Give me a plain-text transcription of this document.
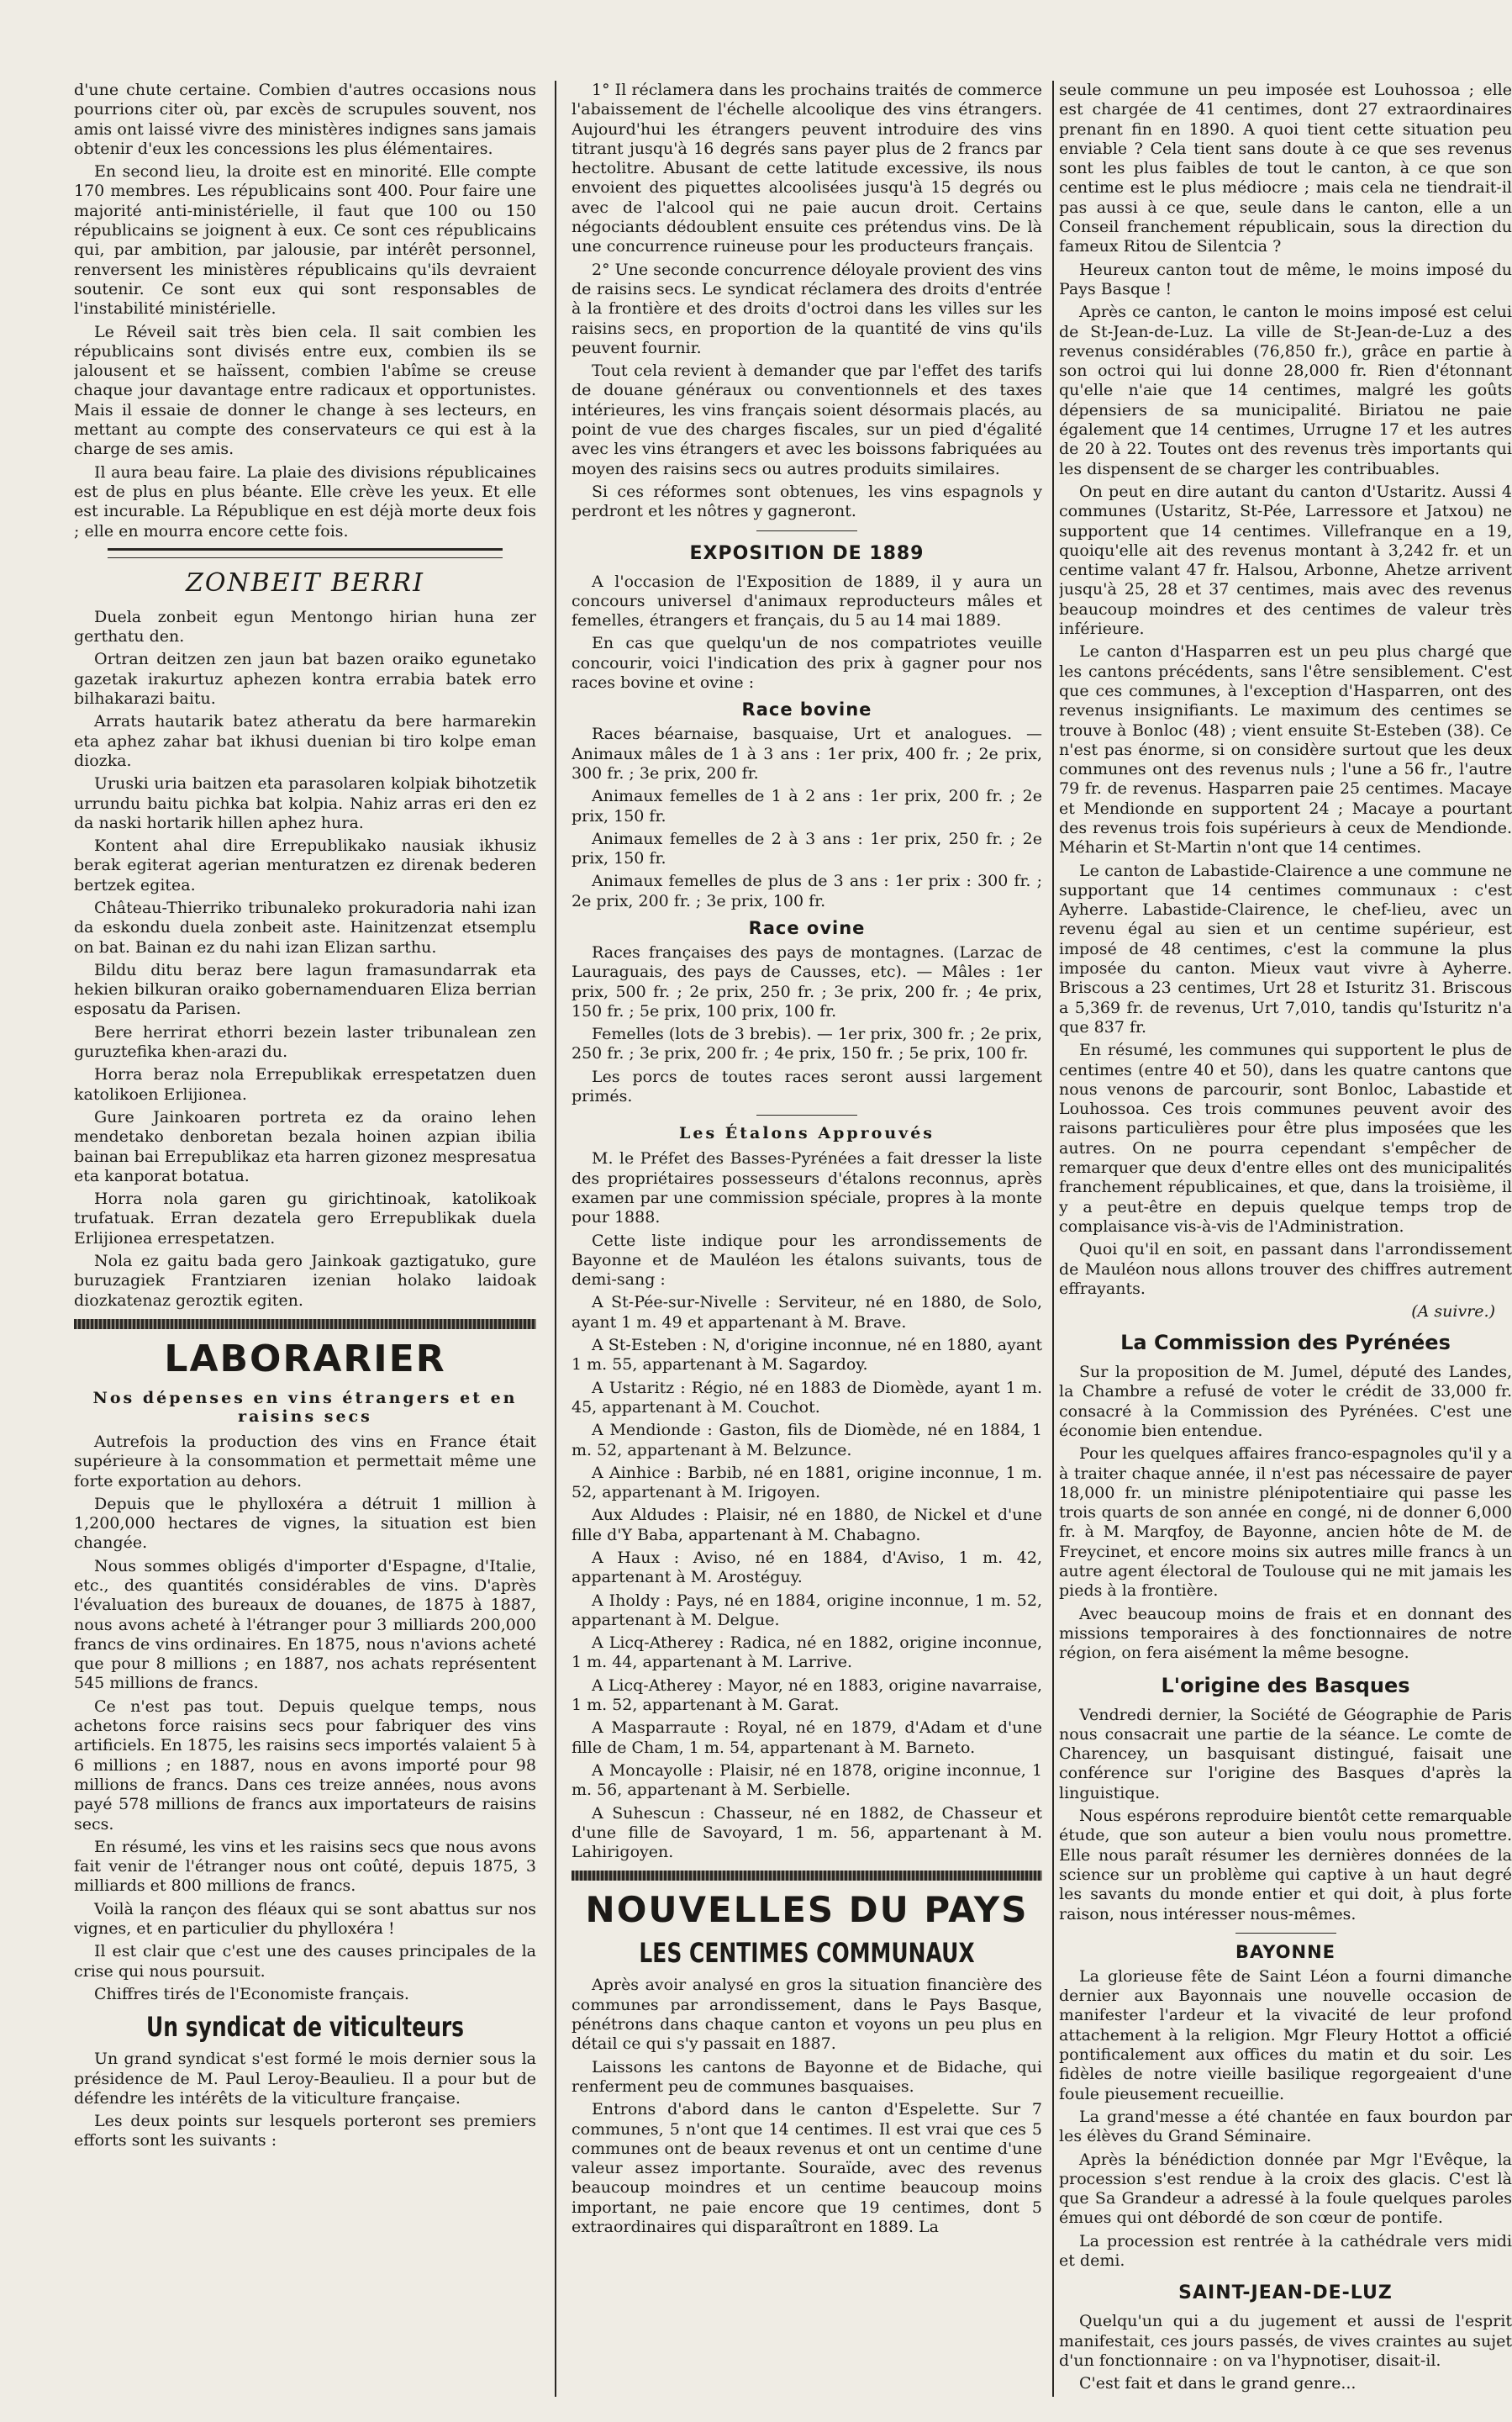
d'une chute certaine. Combien d'autres occasions nous pourrions citer où, par excès de scrupules souvent, nos amis ont laissé vivre des ministères indignes sans jamais obtenir d'eux les concessions les plus élémentaires.

En second lieu, la droite est en minorité. Elle compte 170 membres. Les républicains sont 400. Pour faire une majorité anti-ministérielle, il faut que 100 ou 150 républicains se joignent à eux. Ce sont ces républicains qui, par ambition, par jalousie, par intérêt personnel, renversent les ministères républicains qu'ils devraient soutenir. Ce sont eux qui sont responsables de l'instabilité ministérielle.

Le Réveil sait très bien cela. Il sait combien les républicains sont divisés entre eux, combien ils se jalousent et se haïssent, combien l'abîme se creuse chaque jour davantage entre radicaux et opportunistes. Mais il essaie de donner le change à ses lecteurs, en mettant au compte des conservateurs ce qui est à la charge de ses amis.

Il aura beau faire. La plaie des divisions républicaines est de plus en plus béante. Elle crève les yeux. Et elle est incurable. La République en est déjà morte deux fois ; elle en mourra encore cette fois.

ZONBEIT BERRI

Duela zonbeit egun Mentongo hirian huna zer gerthatu den.

Ortran deitzen zen jaun bat bazen oraiko egunetako gazetak irakurtuz aphezen kontra errabia batek erro bilhakarazi baitu.

Arrats hautarik batez atheratu da bere harmarekin eta aphez zahar bat ikhusi duenian bi tiro kolpe eman diozka.

Uruski uria baitzen eta parasolaren kolpiak bihotzetik urrundu baitu pichka bat kolpia. Nahiz arras eri den ez da naski hortarik hillen aphez hura.

Kontent ahal dire Errepublikako nausiak ikhusiz berak egiterat agerian menturatzen ez direnak bederen bertzek egitea.

Château-Thierriko tribunaleko prokuradoria nahi izan da eskondu duela zonbeit aste. Hainitzenzat etsemplu on bat. Bainan ez du nahi izan Elizan sarthu.

Bildu ditu beraz bere lagun framasundarrak eta hekien bilkuran oraiko gobernamenduaren Eliza berrian esposatu da Parisen.

Bere herrirat ethorri bezein laster tribunalean zen guruztefika khen-arazi du.

Horra beraz nola Errepublikak errespetatzen duen katolikoen Erlijionea.

Gure Jainkoaren portreta ez da oraino lehen mendetako denboretan bezala hoinen azpian ibilia bainan bai Errepublikaz eta harren gizonez mespresatua eta kanporat botatua.

Horra nola garen gu girichtinoak, katolikoak trufatuak. Erran dezatela gero Errepublikak duela Erlijionea errespetatzen.

Nola ez gaitu bada gero Jainkoak gaztigatuko, gure buruzagiek Frantziaren izenian holako laidoak diozkatenaz geroztik egiten.

LABORARIER
Nos dépenses en vins étrangers et en raisins secs

Autrefois la production des vins en France était supérieure à la consommation et permettait même une forte exportation au dehors.

Depuis que le phylloxéra a détruit 1 million à 1,200,000 hectares de vignes, la situation est bien changée.

Nous sommes obligés d'importer d'Espagne, d'Italie, etc., des quantités considérables de vins. D'après l'évaluation des bureaux de douanes, de 1875 à 1887, nous avons acheté à l'étranger pour 3 milliards 200,000 francs de vins ordinaires. En 1875, nous n'avions acheté que pour 8 millions ; en 1887, nos achats représentent 545 millions de francs.

Ce n'est pas tout. Depuis quelque temps, nous achetons force raisins secs pour fabriquer des vins artificiels. En 1875, les raisins secs importés valaient 5 à 6 millions ; en 1887, nous en avons importé pour 98 millions de francs. Dans ces treize années, nous avons payé 578 millions de francs aux importateurs de raisins secs.

En résumé, les vins et les raisins secs que nous avons fait venir de l'étranger nous ont coûté, depuis 1875, 3 milliards et 800 millions de francs.

Voilà la rançon des fléaux qui se sont abattus sur nos vignes, et en particulier du phylloxéra !

Il est clair que c'est une des causes principales de la crise qui nous poursuit.

Chiffres tirés de l'Economiste français.

Un syndicat de viticulteurs

Un grand syndicat s'est formé le mois dernier sous la présidence de M. Paul Leroy-Beaulieu. Il a pour but de défendre les intérêts de la viticulture française.

Les deux points sur lesquels porteront ses premiers efforts sont les suivants :

1° Il réclamera dans les prochains traités de commerce l'abaissement de l'échelle alcoolique des vins étrangers. Aujourd'hui les étrangers peuvent introduire des vins titrant jusqu'à 16 degrés sans payer plus de 2 francs par hectolitre. Abusant de cette latitude excessive, ils nous envoient des piquettes alcoolisées jusqu'à 15 degrés ou avec de l'alcool qui ne paie aucun droit. Certains négociants dédoublent ensuite ces prétendus vins. De là une concurrence ruineuse pour les producteurs français.

2° Une seconde concurrence déloyale provient des vins de raisins secs. Le syndicat réclamera des droits d'entrée à la frontière et des droits d'octroi dans les villes sur les raisins secs, en proportion de la quantité de vins qu'ils peuvent fournir.

Tout cela revient à demander que par l'effet des tarifs de douane généraux ou conventionnels et des taxes intérieures, les vins français soient désormais placés, au point de vue des charges fiscales, sur un pied d'égalité avec les vins étrangers et avec les boissons fabriquées au moyen des raisins secs ou autres produits similaires.

Si ces réformes sont obtenues, les vins espagnols y perdront et les nôtres y gagneront.

EXPOSITION DE 1889

A l'occasion de l'Exposition de 1889, il y aura un concours universel d'animaux reproducteurs mâles et femelles, étrangers et français, du 5 au 14 mai 1889.

En cas que quelqu'un de nos compatriotes veuille concourir, voici l'indication des prix à gagner pour nos races bovine et ovine :

Race bovine

Races béarnaise, basquaise, Urt et analogues. — Animaux mâles de 1 à 3 ans : 1er prix, 400 fr. ; 2e prix, 300 fr. ; 3e prix, 200 fr.

Animaux femelles de 1 à 2 ans : 1er prix, 200 fr. ; 2e prix, 150 fr.

Animaux femelles de 2 à 3 ans : 1er prix, 250 fr. ; 2e prix, 150 fr.

Animaux femelles de plus de 3 ans : 1er prix : 300 fr. ; 2e prix, 200 fr. ; 3e prix, 100 fr.

Race ovine

Races françaises des pays de montagnes. (Larzac de Lauraguais, des pays de Causses, etc). — Mâles : 1er prix, 500 fr. ; 2e prix, 250 fr. ; 3e prix, 200 fr. ; 4e prix, 150 fr. ; 5e prix, 100 prix, 100 fr.

Femelles (lots de 3 brebis). — 1er prix, 300 fr. ; 2e prix, 250 fr. ; 3e prix, 200 fr. ; 4e prix, 150 fr. ; 5e prix, 100 fr.

Les porcs de toutes races seront aussi largement primés.

Les Étalons Approuvés

M. le Préfet des Basses-Pyrénées a fait dresser la liste des propriétaires possesseurs d'étalons reconnus, après examen par une commission spéciale, propres à la monte pour 1888.

Cette liste indique pour les arrondissements de Bayonne et de Mauléon les étalons suivants, tous de demi-sang :

A St-Pée-sur-Nivelle : Serviteur, né en 1880, de Solo, ayant 1 m. 49 et appartenant à M. Brave.

A St-Esteben : N, d'origine inconnue, né en 1880, ayant 1 m. 55, appartenant à M. Sagardoy.

A Ustaritz : Régio, né en 1883 de Diomède, ayant 1 m. 45, appartenant à M. Couchot.

A Mendionde : Gaston, fils de Diomède, né en 1884, 1 m. 52, appartenant à M. Belzunce.

A Ainhice : Barbib, né en 1881, origine inconnue, 1 m. 52, appartenant à M. Irigoyen.

Aux Aldudes : Plaisir, né en 1880, de Nickel et d'une fille d'Y Baba, appartenant à M. Chabagno.

A Haux : Aviso, né en 1884, d'Aviso, 1 m. 42, appartenant à M. Arostéguy.

A Iholdy : Pays, né en 1884, origine inconnue, 1 m. 52, appartenant à M. Delgue.

A Licq-Atherey : Radica, né en 1882, origine inconnue, 1 m. 44, appartenant à M. Larrive.

A Licq-Atherey : Mayor, né en 1883, origine navarraise, 1 m. 52, appartenant à M. Garat.

A Masparraute : Royal, né en 1879, d'Adam et d'une fille de Cham, 1 m. 54, appartenant à M. Barneto.

A Moncayolle : Plaisir, né en 1878, origine inconnue, 1 m. 56, appartenant à M. Serbielle.

A Suhescun : Chasseur, né en 1882, de Chasseur et d'une fille de Savoyard, 1 m. 56, appartenant à M. Lahirigoyen.

NOUVELLES DU PAYS
LES CENTIMES COMMUNAUX

Après avoir analysé en gros la situation financière des communes par arrondissement, dans le Pays Basque, pénétrons dans chaque canton et voyons un peu plus en détail ce qui s'y passait en 1887.

Laissons les cantons de Bayonne et de Bidache, qui renferment peu de communes basquaises.

Entrons d'abord dans le canton d'Espelette. Sur 7 communes, 5 n'ont que 14 centimes. Il est vrai que ces 5 communes ont de beaux revenus et ont un centime d'une valeur assez importante. Souraïde, avec des revenus beaucoup moindres et un centime beaucoup moins important, ne paie encore que 19 centimes, dont 5 extraordinaires qui disparaîtront en 1889. La

seule commune un peu imposée est Louhossoa ; elle est chargée de 41 centimes, dont 27 extraordinaires prenant fin en 1890. A quoi tient cette situation peu enviable ? Cela tient sans doute à ce que ses revenus sont les plus faibles de tout le canton, à ce que son centime est le plus médiocre ; mais cela ne tiendrait-il pas aussi à ce que, seule dans le canton, elle a un Conseil franchement républicain, sous la direction du fameux Ritou de Silentcia ?

Heureux canton tout de même, le moins imposé du Pays Basque !

Après ce canton, le canton le moins imposé est celui de St-Jean-de-Luz. La ville de St-Jean-de-Luz a des revenus considérables (76,850 fr.), grâce en partie à son octroi qui lui donne 28,000 fr. Rien d'étonnant qu'elle n'aie que 14 centimes, malgré les goûts dépensiers de sa municipalité. Biriatou ne paie également que 14 centimes, Urrugne 17 et les autres de 20 à 22. Toutes ont des revenus très importants qui les dispensent de se charger les contribuables.

On peut en dire autant du canton d'Ustaritz. Aussi 4 communes (Ustaritz, St-Pée, Larressore et Jatxou) ne supportent que 14 centimes. Villefranque en a 19, quoiqu'elle ait des revenus montant à 3,242 fr. et un centime valant 47 fr. Halsou, Arbonne, Ahetze arrivent jusqu'à 25, 28 et 37 centimes, mais avec des revenus beaucoup moindres et des centimes de valeur très inférieure.

Le canton d'Hasparren est un peu plus chargé que les cantons précédents, sans l'être sensiblement. C'est que ces communes, à l'exception d'Hasparren, ont des revenus insignifiants. Le maximum des centimes se trouve à Bonloc (48) ; vient ensuite St-Esteben (38). Ce n'est pas énorme, si on considère surtout que les deux communes ont des revenus nuls ; l'une a 56 fr., l'autre 79 fr. de revenus. Hasparren paie 25 centimes. Macaye et Mendionde en supportent 24 ; Macaye a pourtant des revenus trois fois supérieurs à ceux de Mendionde. Méharin et St-Martin n'ont que 14 centimes.

Le canton de Labastide-Clairence a une commune ne supportant que 14 centimes communaux : c'est Ayherre. Labastide-Clairence, le chef-lieu, avec un revenu égal au sien et un centime supérieur, est imposé de 48 centimes, c'est la commune la plus imposée du canton. Mieux vaut vivre à Ayherre. Briscous a 23 centimes, Urt 28 et Isturitz 31. Briscous a 5,369 fr. de revenus, Urt 7,010, tandis qu'Isturitz n'a que 837 fr.

En résumé, les communes qui supportent le plus de centimes (entre 40 et 50), dans les quatre cantons que nous venons de parcourir, sont Bonloc, Labastide et Louhossoa. Ces trois communes peuvent avoir des raisons particulières pour être plus imposées que les autres. On ne pourra cependant s'empêcher de remarquer que deux d'entre elles ont des municipalités franchement républicaines, et que, dans la troisième, il y a peut-être en depuis quelque temps trop de complaisance vis-à-vis de l'Administration.

Quoi qu'il en soit, en passant dans l'arrondissement de Mauléon nous allons trouver des chiffres autrement effrayants.

(A suivre.)
La Commission des Pyrénées

Sur la proposition de M. Jumel, député des Landes, la Chambre a refusé de voter le crédit de 33,000 fr. consacré à la Commission des Pyrénées. C'est une économie bien entendue.

Pour les quelques affaires franco-espagnoles qu'il y a à traiter chaque année, il n'est pas nécessaire de payer 18,000 fr. un ministre plénipotentiaire qui passe les trois quarts de son année en congé, ni de donner 6,000 fr. à M. Marqfoy, de Bayonne, ancien hôte de M. de Freycinet, et encore moins six autres mille francs à un autre agent électoral de Toulouse qui ne mit jamais les pieds à la frontière.

Avec beaucoup moins de frais et en donnant des missions temporaires à des fonctionnaires de notre région, on fera aisément la même besogne.

L'origine des Basques

Vendredi dernier, la Société de Géographie de Paris nous consacrait une partie de la séance. Le comte de Charencey, un basquisant distingué, faisait une conférence sur l'origine des Basques d'après la linguistique.

Nous espérons reproduire bientôt cette remarquable étude, que son auteur a bien voulu nous promettre. Elle nous paraît résumer les dernières données de la science sur un problème qui captive à un haut degré les savants du monde entier et qui doit, à plus forte raison, nous intéresser nous-mêmes.

BAYONNE

La glorieuse fête de Saint Léon a fourni dimanche dernier aux Bayonnais une nouvelle occasion de manifester l'ardeur et la vivacité de leur profond attachement à la religion. Mgr Fleury Hottot a officié pontificalement aux offices du matin et du soir. Les fidèles de notre vieille basilique regorgeaient d'une foule pieusement recueillie.

La grand'messe a été chantée en faux bourdon par les élèves du Grand Séminaire.

Après la bénédiction donnée par Mgr l'Evêque, la procession s'est rendue à la croix des glacis. C'est là que Sa Grandeur a adressé à la foule quelques paroles émues qui ont débordé de son cœur de pontife.

La procession est rentrée à la cathédrale vers midi et demi.

SAINT-JEAN-DE-LUZ

Quelqu'un qui a du jugement et aussi de l'esprit manifestait, ces jours passés, de vives craintes au sujet d'un fonctionnaire : on va l'hypnotiser, disait-il.

C'est fait et dans le grand genre...
